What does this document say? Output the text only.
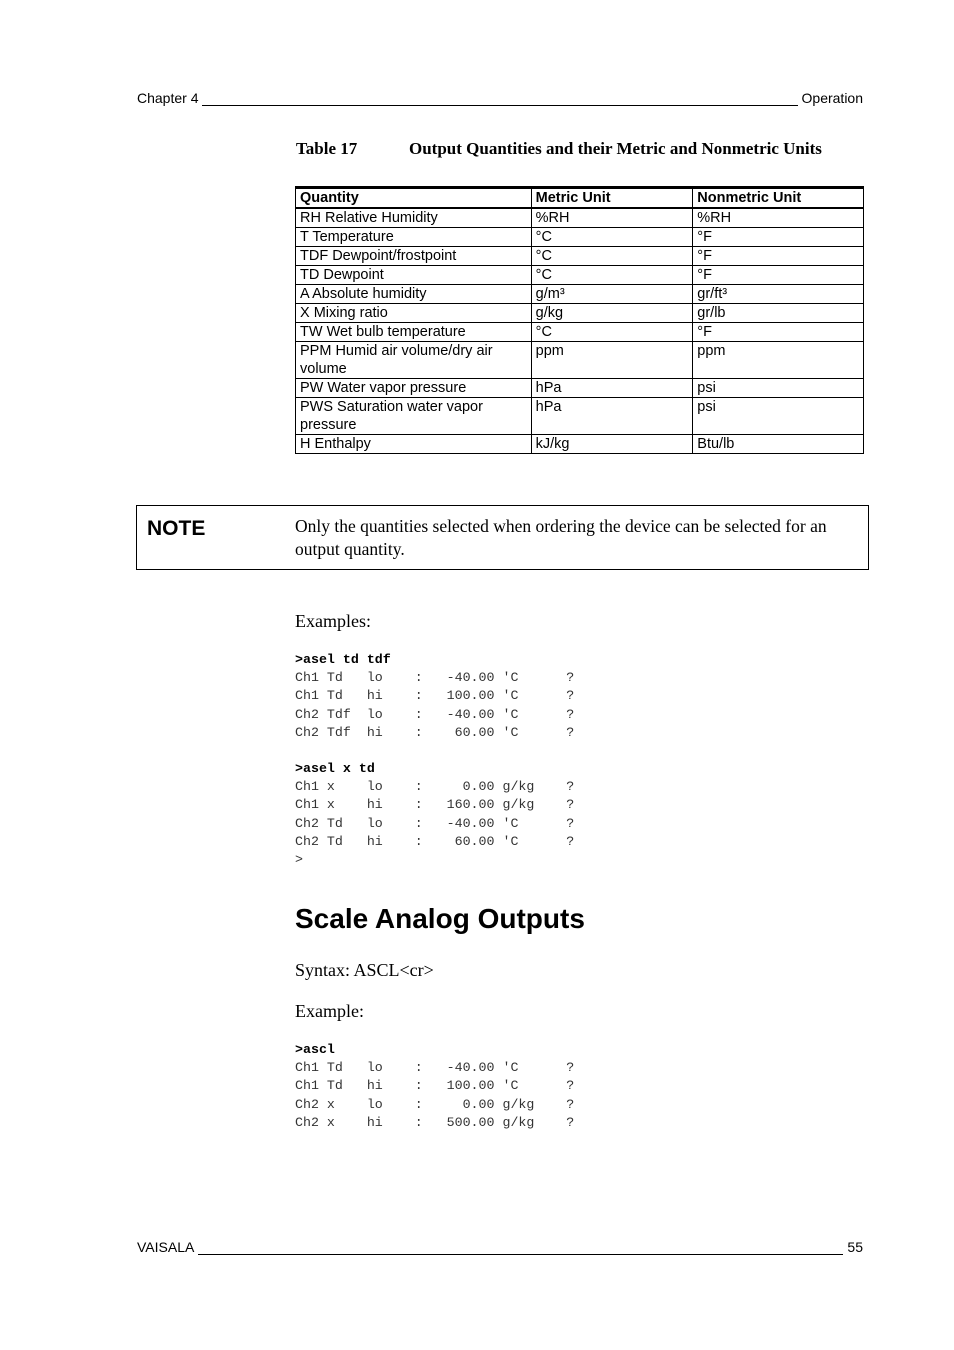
Chapter 4	Operation
Table 17	Output Quantities and their Metric and Nonmetric Units
Quantity	Metric Unit	Nonmetric Unit
RH Relative Humidity	%RH	%RH
T Temperature	°C	°F
TDF Dewpoint/frostpoint	°C	°F
TD Dewpoint	°C	°F
A Absolute humidity	g/m³	gr/ft³
X Mixing ratio	g/kg	gr/lb
TW Wet bulb temperature	°C	°F
PPM Humid air volume/dry air volume	ppm	ppm
PW Water vapor pressure	hPa	psi
PWS Saturation water vapor pressure	hPa	psi
H Enthalpy	kJ/kg	Btu/lb
NOTE	Only the quantities selected when ordering the device can be selected for an output quantity.
Examples:
>asel td tdf
Ch1 Td   lo    :   -40.00 'C      ?
Ch1 Td   hi    :   100.00 'C      ?
Ch2 Tdf  lo    :   -40.00 'C      ?
Ch2 Tdf  hi    :    60.00 'C      ?
>asel x td
Ch1 x    lo    :     0.00 g/kg    ?
Ch1 x    hi    :   160.00 g/kg    ?
Ch2 Td   lo    :   -40.00 'C      ?
Ch2 Td   hi    :    60.00 'C      ?
>
Scale Analog Outputs
Syntax: ASCL<cr>
Example:
>ascl
Ch1 Td   lo    :   -40.00 'C      ?
Ch1 Td   hi    :   100.00 'C      ?
Ch2 x    lo    :     0.00 g/kg    ?
Ch2 x    hi    :   500.00 g/kg    ?
VAISALA	55
